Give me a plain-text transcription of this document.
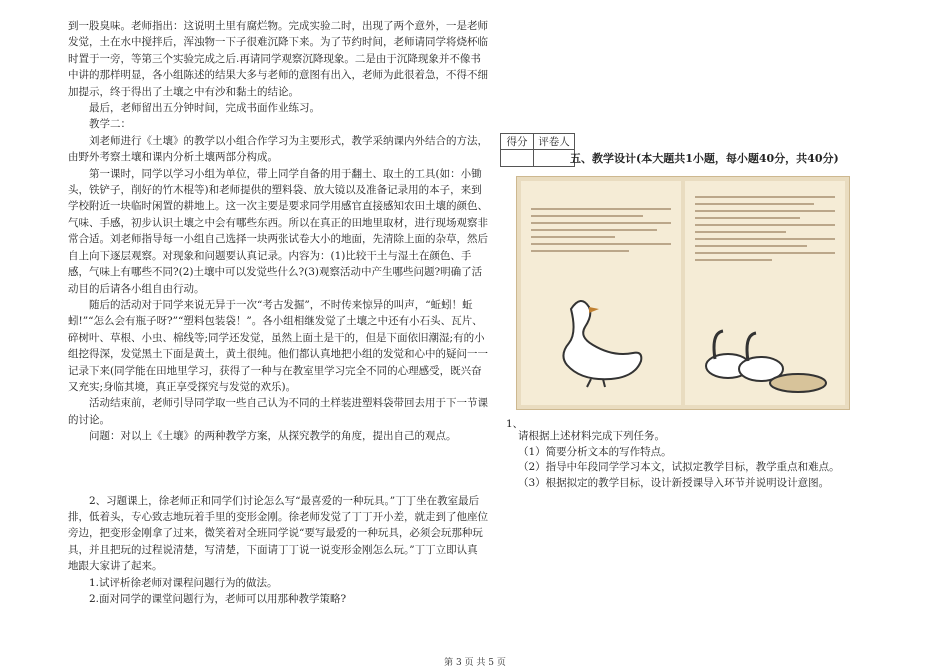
到一股臭味。老师指出：这说明土里有腐烂物。完成实验二时，出现了两个意外，一是老师发觉，土在水中搅拌后，浑浊物一下子很难沉降下来。为了节约时间，老师请同学将烧杯临时置于一旁，等第三个实验完成之后.再请同学观察沉降现象。二是由于沉降现象并不像书中讲的那样明显，各小组陈述的结果大多与老师的意图有出入，老师为此很着急，不得不细加提示，终于得出了土壤之中有沙和黏土的结论。

最后，老师留出五分钟时间，完成书面作业练习。

教学二：

刘老师进行《土壤》的教学以小组合作学习为主要形式，教学采纳课内外结合的方法，由野外考察土壤和课内分析土壤两部分构成。

第一课时，同学以学习小组为单位，带上同学自备的用于翻土、取土的工具(如：小锄头，铁铲子，削好的竹木棍等)和老师提供的塑料袋、放大镜以及准备记录用的本子，来到学校附近一块临时闲置的耕地上。这一次主要是要求同学用感官直接感知农田土壤的颜色、气味、手感，初步认识土壤之中会有哪些东西。所以在真正的田地里取材，进行现场观察非常合适。刘老师指导每一小组自己选择一块两张试卷大小的地面，先清除上面的杂草，然后自上向下逐层观察。对现象和问题要认真记录。内容为：(1)比较干土与湿土在颜色、手感，气味上有哪些不同?(2)土壤中可以发觉些什么?(3)观察活动中产生哪些问题?明确了活动目的后请各小组自由行动。

随后的活动对于同学来说无异于一次“考古发掘”，不时传来惊异的叫声，“蚯蚓！蚯蚓!”“怎么会有瓶子呀?”“塑料包装袋！”。各小组相继发觉了土壤之中还有小石头、瓦片、碎树叶、草根、小虫、棉线等;同学还发觉，虽然上面土是干的，但是下面依旧潮湿;有的小组挖得深，发觉黑土下面是黄土，黄土很纯。他们都认真地把小组的发觉和心中的疑问一一记录下来(同学能在田地里学习，获得了一种与在教室里学习完全不同的心理感受，既兴奋又充实;身临其境，真正享受探究与发觉的欢乐)。

活动结束前，老师引导同学取一些自己认为不同的土样装进塑料袋带回去用于下一节课的讨论。

问题：对以上《土壤》的两种教学方案，从探究教学的角度，提出自己的观点。

2、习题课上，徐老师正和同学们讨论怎么写“最喜爱的一种玩具。”丁丁坐在教室最后排，低着头，专心致志地玩着手里的变形金刚。徐老师发觉了丁丁开小差，就走到了他座位旁边，把变形金刚拿了过来，微笑着对全班同学说“要写最爱的一种玩具，必须会玩那种玩具，并且把玩的过程说清楚，写清楚，下面请丁丁说一说变形金刚怎么玩。”丁丁立即认真地跟大家讲了起来。

1.试评析徐老师对课程问题行为的做法。

2.面对同学的课堂问题行为，老师可以用那种教学策略?

得分	评卷人

五、教学设计(本大题共1小题，每小题40分，共40分)
1、

请根据上述材料完成下列任务。

（1）简要分析文本的写作特点。

（2）指导中年段同学学习本文，试拟定教学目标，教学重点和难点。

（3）根据拟定的教学目标，设计新授课导入环节并说明设计意图。

第 3 页 共 5 页
